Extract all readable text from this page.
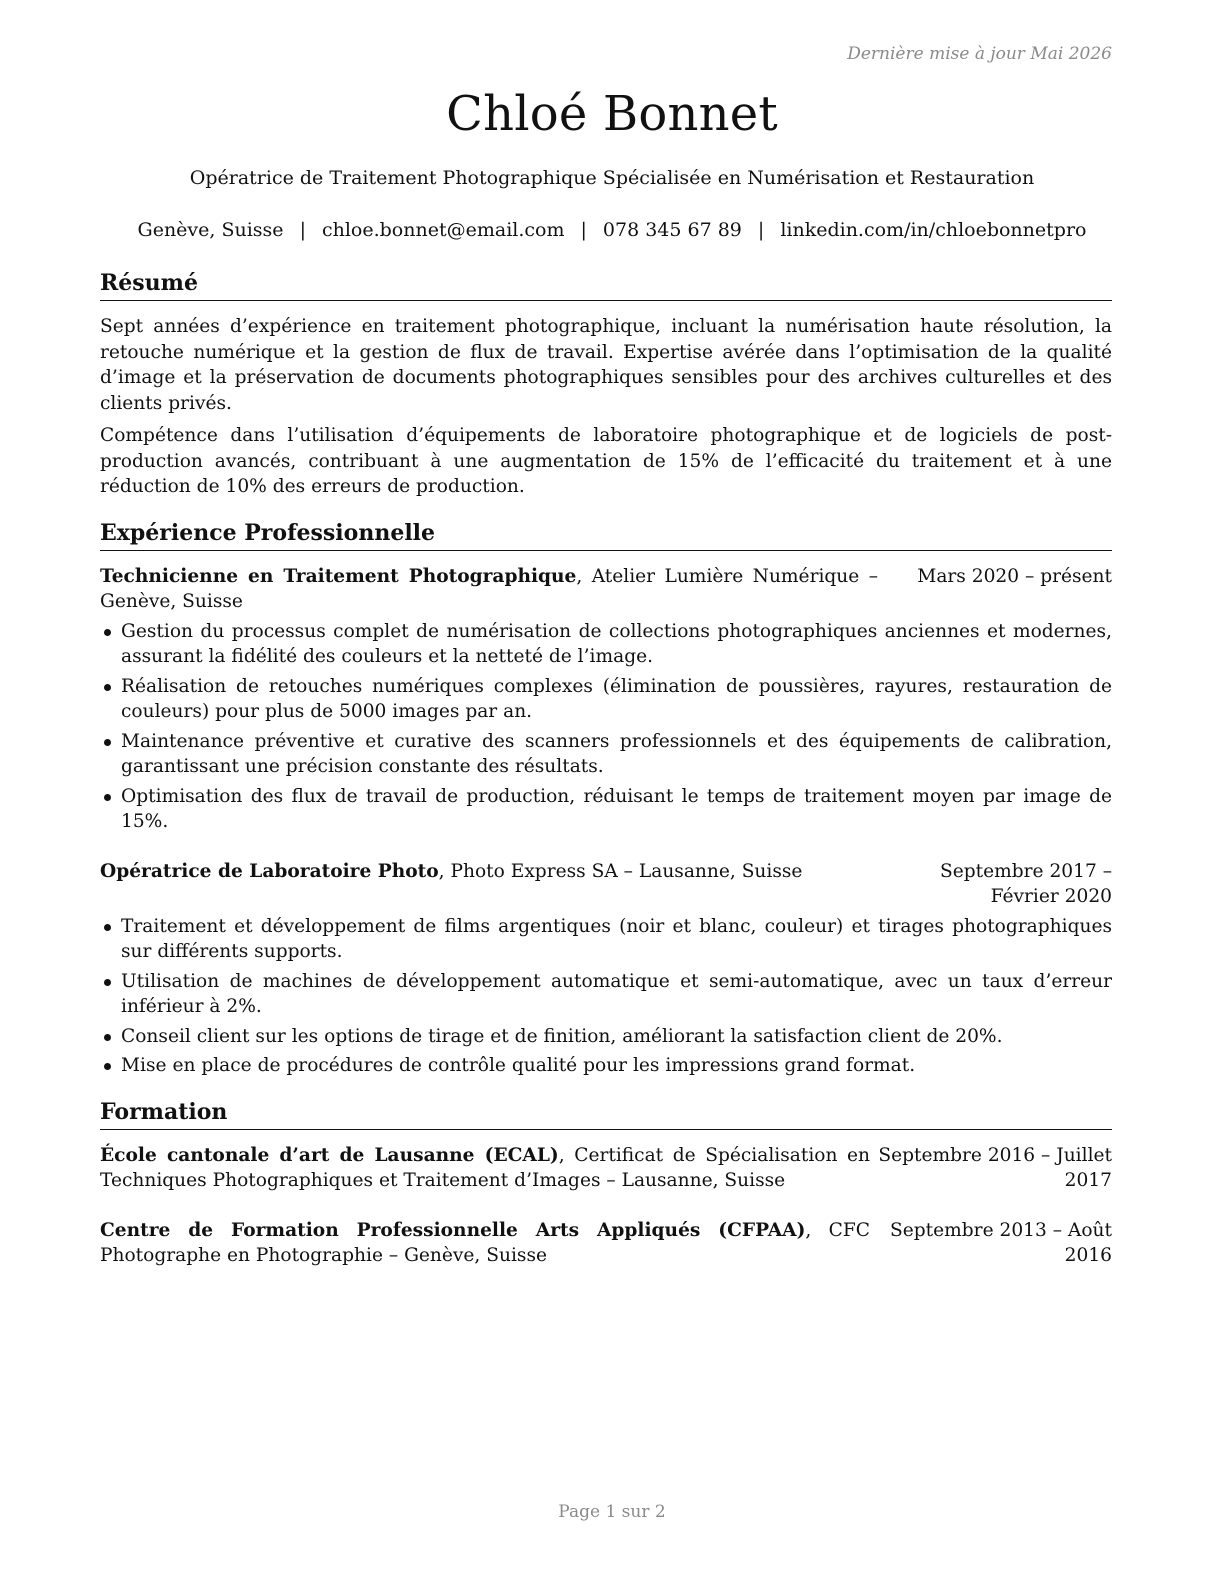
Dernière mise à jour Mai 2026
Chloé Bonnet
Opératrice de Traitement Photographique Spécialisée en Numérisation et Restauration
Genève, Suisse | chloe.bonnet@email.com | 078 345 67 89 | linkedin.com/in/chloebonnetpro
Résumé

Sept années d’expérience en traitement photographique, incluant la numérisation haute résolution, la retouche numérique et la gestion de flux de travail. Expertise avérée dans l’optimisation de la qualité d’image et la préservation de documents photographiques sensibles pour des archives culturelles et des clients privés.

Compétence dans l’utilisation d’équipements de laboratoire photographique et de logiciels de post-production avancés, contribuant à une augmentation de 15% de l’efficacité du traitement et à une réduction de 10% des erreurs de production.

Expérience Professionnelle
Technicienne en Traitement Photographique, Atelier Lumière Numérique – Genève, Suisse
Mars 2020 – présent
Gestion du processus complet de numérisation de collections photographiques anciennes et modernes, assurant la fidélité des couleurs et la netteté de l’image.
Réalisation de retouches numériques complexes (élimination de poussières, rayures, restauration de couleurs) pour plus de 5000 images par an.
Maintenance préventive et curative des scanners professionnels et des équipements de calibration, garantissant une précision constante des résultats.
Optimisation des flux de travail de production, réduisant le temps de traitement moyen par image de 15%.
Opératrice de Laboratoire Photo, Photo Express SA – Lausanne, Suisse	Septembre 2017 – Février 2020
Traitement et développement de films argentiques (noir et blanc, couleur) et tirages photographiques sur différents supports.
Utilisation de machines de développement automatique et semi-automatique, avec un taux d’erreur inférieur à 2%.
Conseil client sur les options de tirage et de finition, améliorant la satisfaction client de 20%.
Mise en place de procédures de contrôle qualité pour les impressions grand format.
Formation
École cantonale d’art de Lausanne (ECAL), Certificat de Spécialisation en Techniques Photographiques et Traitement d’Images – Lausanne, Suisse
Septembre 2016 – Juillet 2017
Centre de Formation Professionnelle Arts Appliqués (CFPAA), CFC Photographe en Photographie – Genève, Suisse
Septembre 2013 – Août 2016
Page 1 sur 2
